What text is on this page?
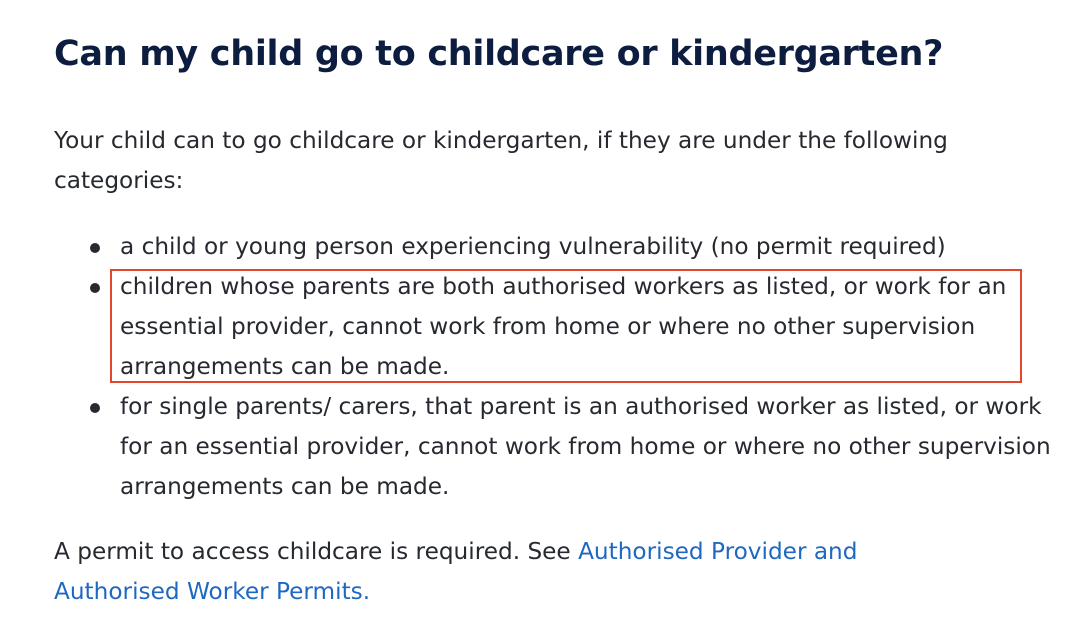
Can my child go to childcare or kindergarten?

Your child can to go childcare or kindergarten, if they are under the following categories:

a child or young person experiencing vulnerability (no permit required)
children whose parents are both authorised workers as listed, or work for an essential provider, cannot work from home or where no other supervision arrangements can be made.
for single parents/ carers, that parent is an authorised worker as listed, or work for an essential provider, cannot work from home or where no other supervision arrangements can be made.

A permit to access childcare is required. See Authorised Provider and Authorised Worker Permits.
